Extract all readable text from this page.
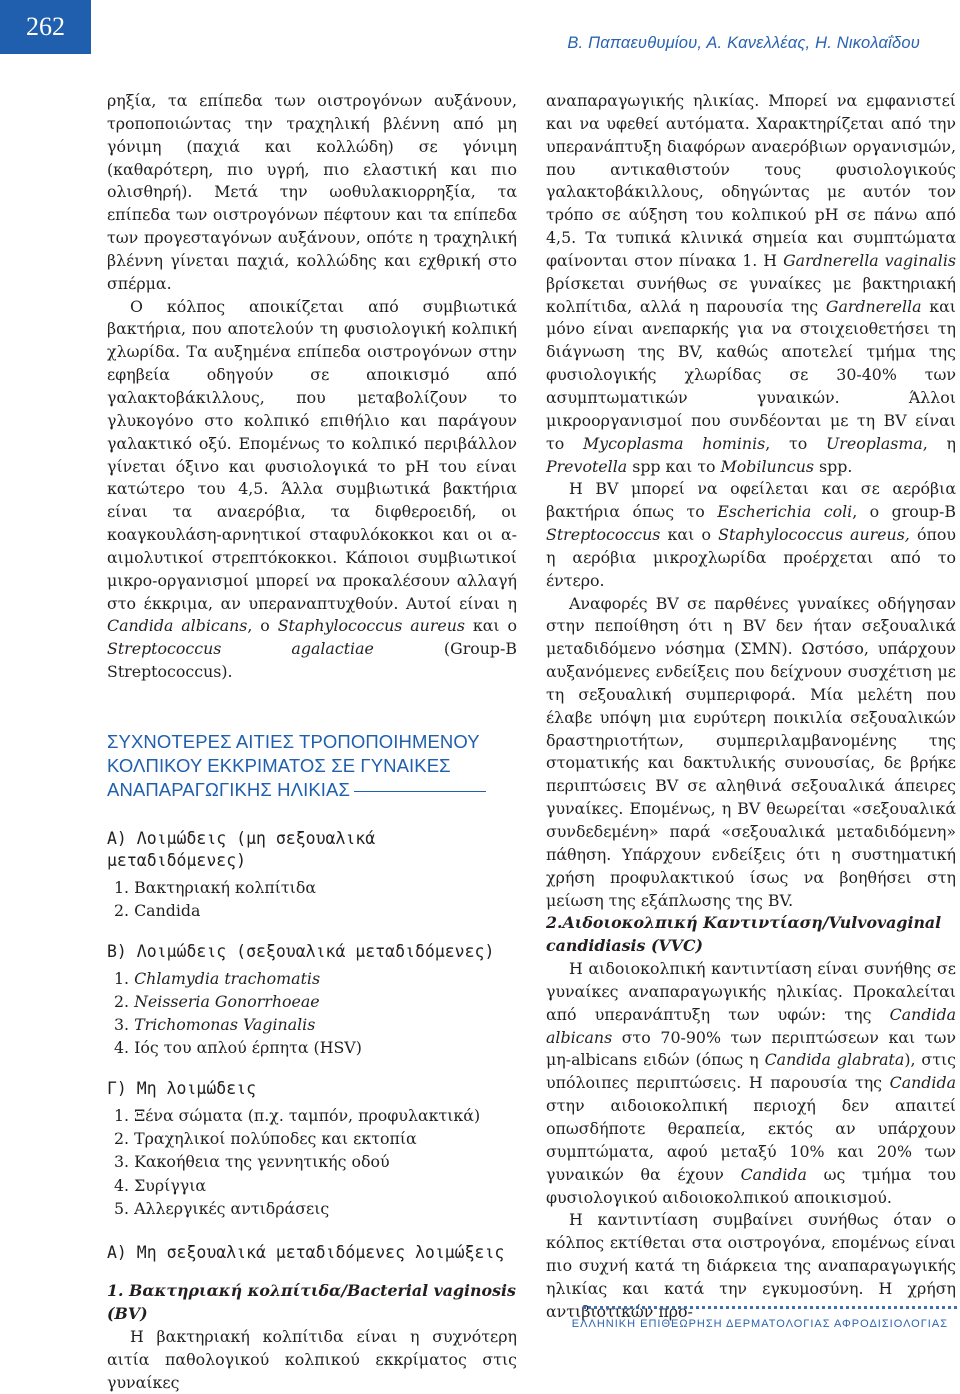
262
Β. Παπαευθυμίου, Α. Κανελλέας, Η. Νικολαΐδου

ρηξία, τα επίπεδα των οιστρογόνων αυξάνουν, τροποποιώντας την τραχηλική βλέννη από μη γόνιμη (παχιά και κολλώδη) σε γόνιμη (καθαρότερη, πιο υγρή, πιο ελαστική και πιο ολισθηρή). Μετά την ωοθυλακιορρηξία, τα επίπεδα των οιστρογόνων πέφτουν και τα επίπεδα των προγεσταγόνων αυξάνουν, οπότε η τραχηλική βλέννη γίνεται παχιά, κολλώδης και εχθρική στο σπέρμα.

Ο κόλπος αποικίζεται από συμβιωτικά βακτήρια, που αποτελούν τη φυσιολογική κολπική χλωρίδα. Τα αυξημένα επίπεδα οιστρογόνων στην εφηβεία οδηγούν σε αποικισμό από γαλακτοβάκιλλους, που μεταβολίζουν το γλυκογόνο στο κολπικό επιθήλιο και παράγουν γαλακτικό οξύ. Επομένως το κολπικό περιβάλλον γίνεται όξινο και φυσιολογικά το pH του είναι κατώτερο του 4,5. Άλλα συμβιωτικά βακτήρια είναι τα αναερόβια, τα διφθεροειδή, οι κοαγκουλάση-αρνητικοί σταφυλόκοκκοι και οι α-αιμολυτικοί στρεπτόκοκκοι. Κάποιοι συμβιωτικοί μικρο-οργανισμοί μπορεί να προκαλέσουν αλλαγή στο έκκριμα, αν υπεραναπτυχθούν. Αυτοί είναι η Candida albicans, ο Staphylococcus aureus και ο Streptococcus agalactiae (Group-B Streptococcus).

ΣΥΧΝΟΤΕΡΕΣ ΑΙΤΙΕΣ ΤΡΟΠΟΠΟΙΗΜΕΝΟΥ
ΚΟΛΠΙΚΟΥ ΕΚΚΡΙΜΑΤΟΣ ΣΕ ΓΥΝΑΙΚΕΣ
ΑΝΑΠΑΡΑΓΩΓΙΚΗΣ ΗΛΙΚΙΑΣ
Α) Λοιμώδεις (μη σεξουαλικά μεταδιδόμενες)
1. Βακτηριακή κολπίτιδα
2. Candida
Β) Λοιμώδεις (σεξουαλικά μεταδιδόμενες)
1. Chlamydia trachomatis
2. Neisseria Gonorrhoeae
3. Trichomonas Vaginalis
4. Ιός του απλού έρπητα (HSV)
Γ) Μη λοιμώδεις
1. Ξένα σώματα (π.χ. ταμπόν, προφυλακτικά)
2. Τραχηλικοί πολύποδες και εκτοπία
3. Κακοήθεια της γεννητικής οδού
4. Συρίγγια
5. Αλλεργικές αντιδράσεις
Α) Μη σεξουαλικά μεταδιδόμενες λοιμώξεις

1. Βακτηριακή κολπίτιδα/Bacterial vaginosis (BV)

Η βακτηριακή κολπίτιδα είναι η συχνότερη αιτία παθολογικού κολπικού εκκρίματος στις γυναίκες

αναπαραγωγικής ηλικίας. Μπορεί να εμφανιστεί και να υφεθεί αυτόματα. Χαρακτηρίζεται από την υπερανάπτυξη διαφόρων αναερόβιων οργανισμών, που αντικαθιστούν τους φυσιολογικούς γαλακτοβάκιλλους, οδηγώντας με αυτόν τον τρόπο σε αύξηση του κολπικού pH σε πάνω από 4,5. Τα τυπικά κλινικά σημεία και συμπτώματα φαίνονται στον πίνακα 1. Η Gardnerella vaginalis βρίσκεται συνήθως σε γυναίκες με βακτηριακή κολπίτιδα, αλλά η παρουσία της Gardnerella και μόνο είναι ανεπαρκής για να στοιχειοθετήσει τη διάγνωση της BV, καθώς αποτελεί τμήμα της φυσιολογικής χλωρίδας σε 30-40% των ασυμπτωματικών γυναικών. Άλλοι μικροοργανισμοί που συνδέονται με τη BV είναι το Mycoplasma hominis, το Ureoplasma, η Prevotella spp και το Mobiluncus spp.

Η BV μπορεί να οφείλεται και σε αερόβια βακτήρια όπως το Escherichia coli, ο group-B Streptococcus και ο Staphylococcus aureus, όπου η αερόβια μικροχλωρίδα προέρχεται από το έντερο.

Αναφορές BV σε παρθένες γυναίκες οδήγησαν στην πεποίθηση ότι η BV δεν ήταν σεξουαλικά μεταδιδόμενο νόσημα (ΣΜΝ). Ωστόσο, υπάρχουν αυξανόμενες ενδείξεις που δείχνουν συσχέτιση με τη σεξουαλική συμπεριφορά. Μία μελέτη που έλαβε υπόψη μια ευρύτερη ποικιλία σεξουαλικών δραστηριοτήτων, συμπεριλαμβανομένης της στοματικής και δακτυλικής συνουσίας, δε βρήκε περιπτώσεις BV σε αληθινά σεξουαλικά άπειρες γυναίκες. Επομένως, η BV θεωρείται «σεξουαλικά συνδεδεμένη» παρά «σεξουαλικά μεταδιδόμενη» πάθηση. Υπάρχουν ενδείξεις ότι η συστηματική χρήση προφυλακτικού ίσως να βοηθήσει στη μείωση της εξάπλωσης της BV.

2.Αιδοιοκολπική Καντιντίαση/Vulvovaginal candidiasis (VVC)

Η αιδοιοκολπική καντιντίαση είναι συνήθης σε γυναίκες αναπαραγωγικής ηλικίας. Προκαλείται από υπερανάπτυξη των υφών: της Candida albicans στο 70-90% των περιπτώσεων και των μη-albicans ειδών (όπως η Candida glabrata), στις υπόλοιπες περιπτώσεις. Η παρουσία της Candida στην αιδοιοκολπική περιοχή δεν απαιτεί οπωσδήποτε θεραπεία, εκτός αν υπάρχουν συμπτώματα, αφού μεταξύ 10% και 20% των γυναικών θα έχουν Candida ως τμήμα του φυσιολογικού αιδοιοκολπικού αποικισμού.

Η καντιντίαση συμβαίνει συνήθως όταν ο κόλπος εκτίθεται στα οιστρογόνα, επομένως είναι πιο συχνή κατά τη διάρκεια της αναπαραγωγικής ηλικίας και κατά την εγκυμοσύνη. Η χρήση αντιβιοτικών προ-

ΕΛΛΗΝΙΚΗ ΕΠΙΘΕΩΡΗΣΗ ΔΕΡΜΑΤΟΛΟΓΙΑΣ ΑΦΡΟΔΙΣΙΟΛΟΓΙΑΣ
